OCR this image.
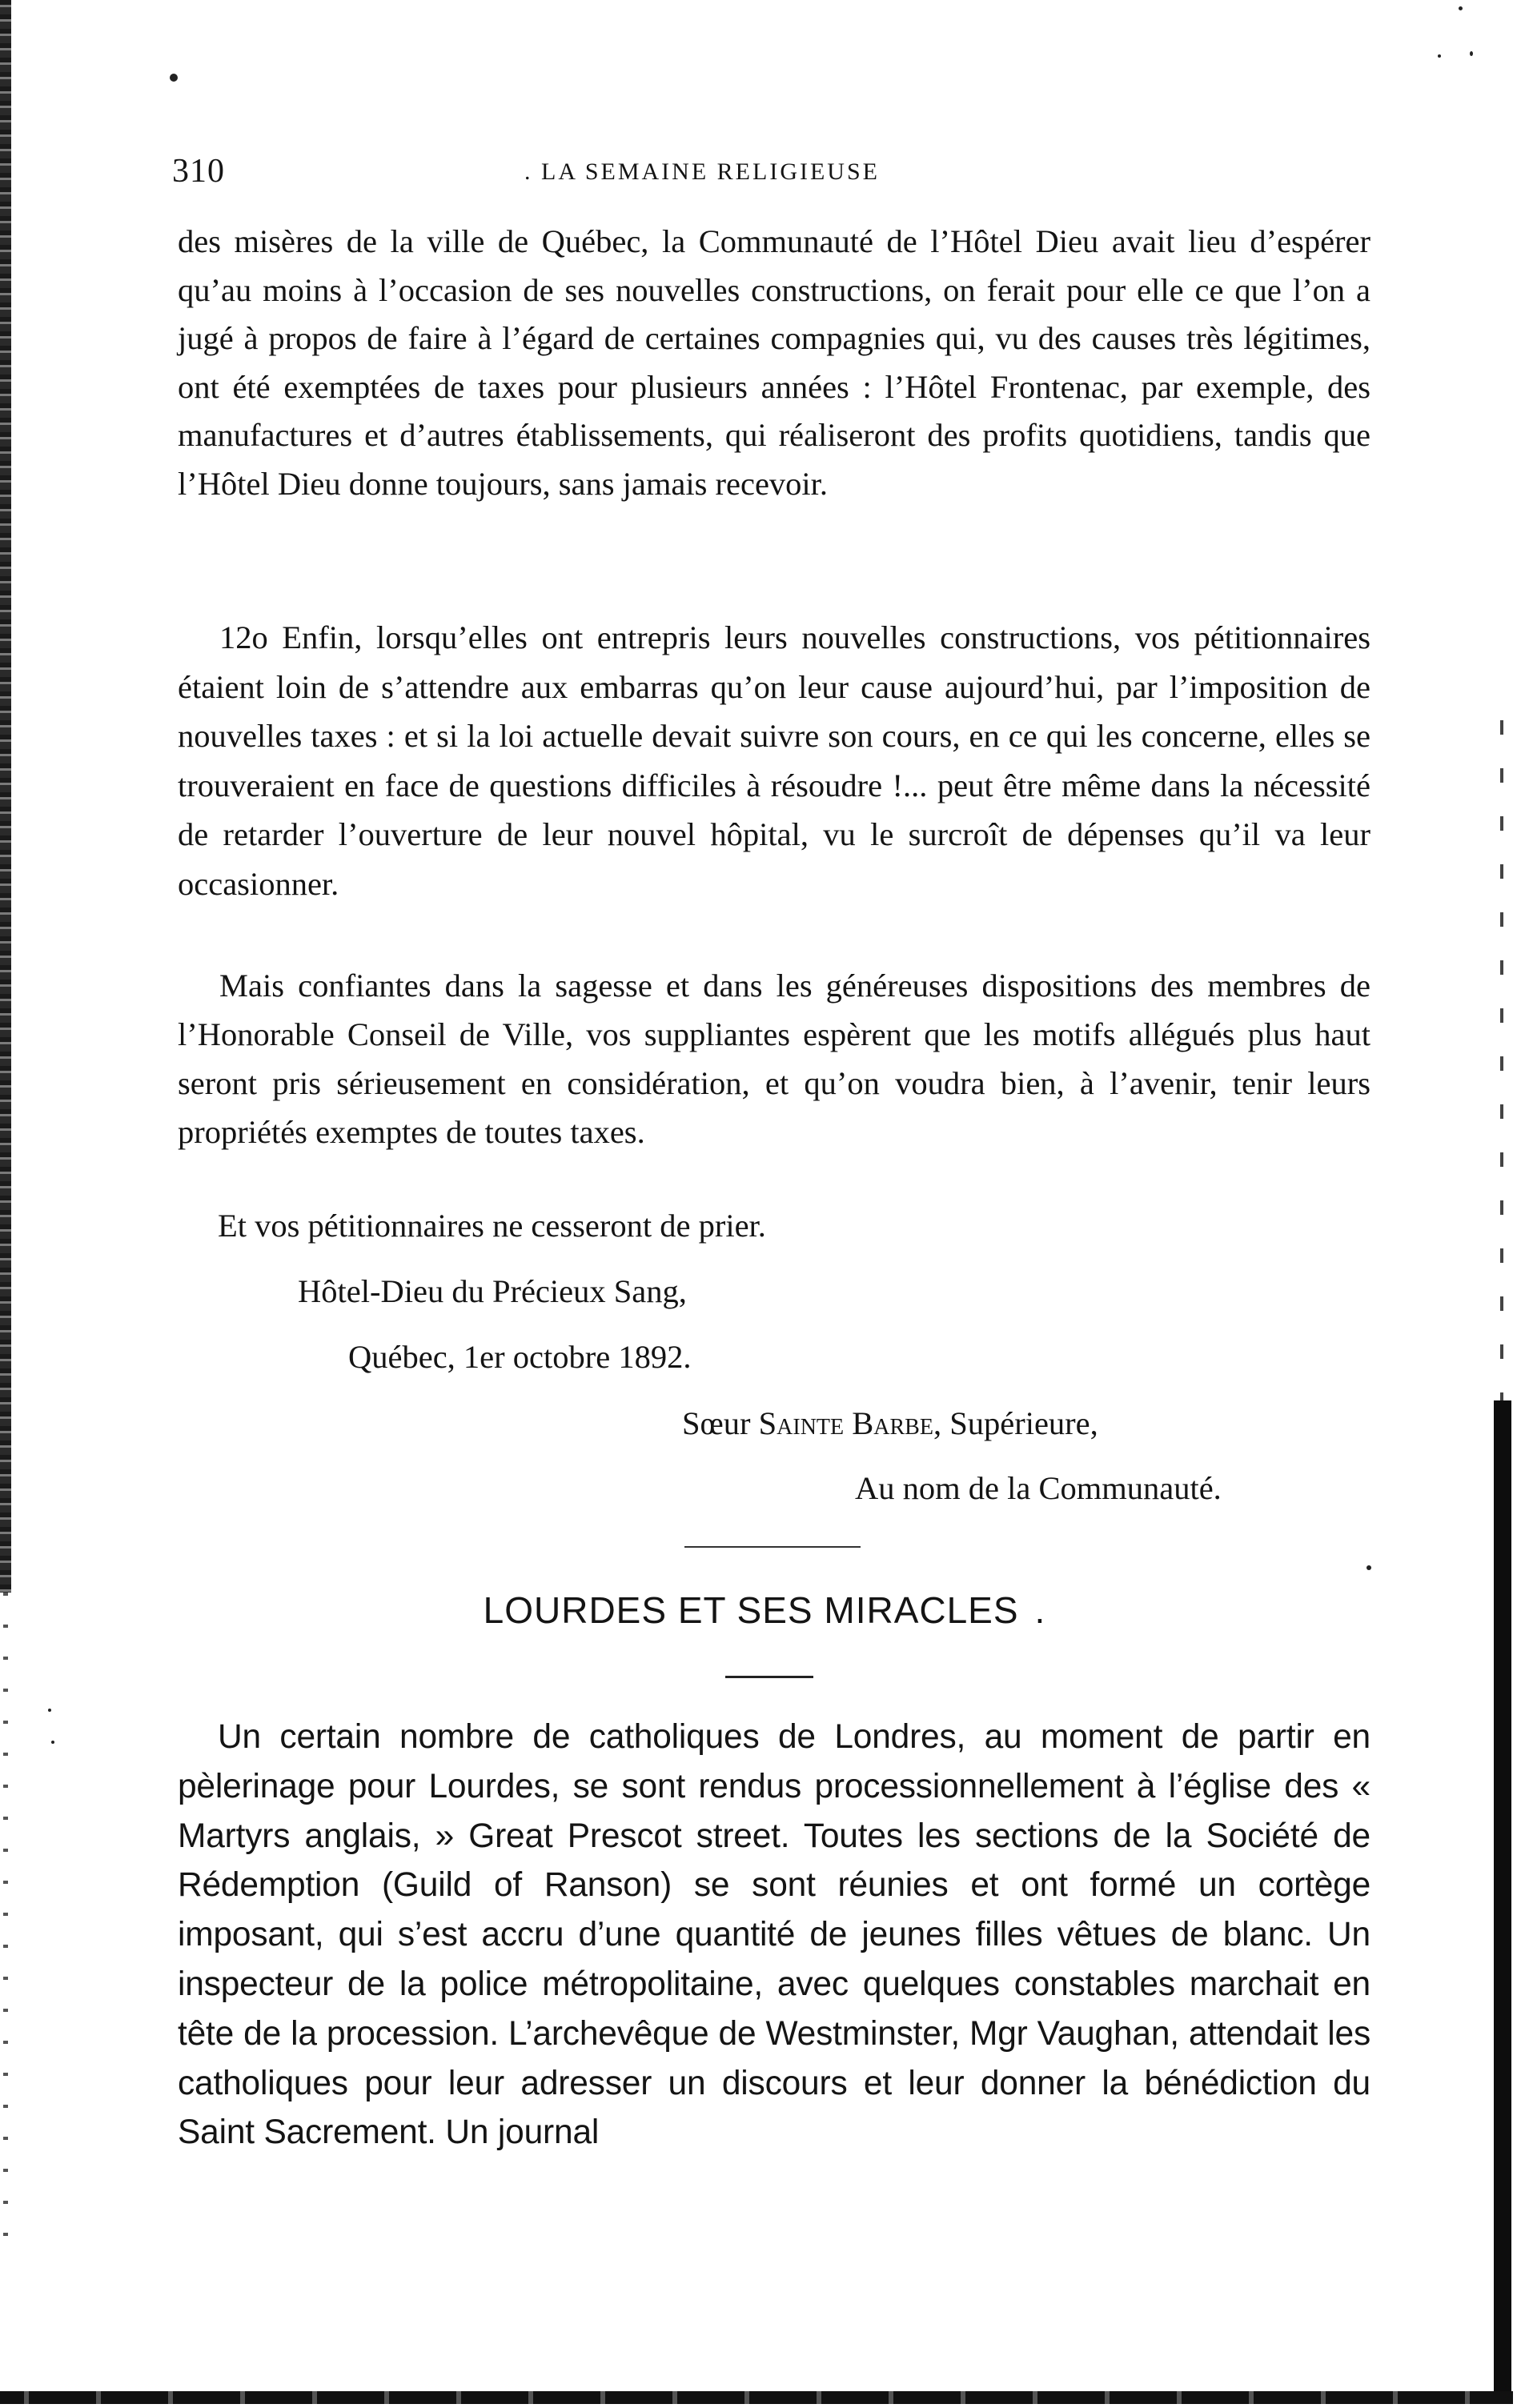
310	. LA SEMAINE RELIGIEUSE

des misères de la ville de Québec, la Communauté de l’Hôtel Dieu avait lieu d’espérer qu’au moins à l’occasion de ses nouvelles constructions, on ferait pour elle ce que l’on a jugé à propos de faire à l’égard de certaines compagnies qui, vu des causes très légitimes, ont été exemptées de taxes pour plusieurs années : l’Hôtel Frontenac, par exemple, des manufactures et d’autres établissements, qui réaliseront des profits quotidiens, tandis que l’Hôtel Dieu donne toujours, sans jamais recevoir.

12o Enfin, lorsqu’elles ont entrepris leurs nouvelles constructions, vos pétitionnaires étaient loin de s’attendre aux embarras qu’on leur cause aujourd’hui, par l’imposition de nouvelles taxes : et si la loi actuelle devait suivre son cours, en ce qui les concerne, elles se trouveraient en face de questions difficiles à résoudre !... peut être même dans la nécessité de retarder l’ouverture de leur nouvel hôpital, vu le surcroît de dépenses qu’il va leur occasionner.

Mais confiantes dans la sagesse et dans les généreuses dispositions des membres de l’Honorable Conseil de Ville, vos suppliantes espèrent que les motifs allégués plus haut seront pris sérieusement en considération, et qu’on voudra bien, à l’avenir, tenir leurs propriétés exemptes de toutes taxes.

Et vos pétitionnaires ne cesseront de prier.
Hôtel-Dieu du Précieux Sang,
Québec, 1er octobre 1892.
Sœur Sainte Barbe, Supérieure,
Au nom de la Communauté.
LOURDES ET SES MIRACLES .

Un certain nombre de catholiques de Londres, au moment de partir en pèlerinage pour Lourdes, se sont rendus processionnellement à l’église des « Martyrs anglais, » Great Prescot street. Toutes les sections de la Société de Rédemption (Guild of Ranson) se sont réunies et ont formé un cortège imposant, qui s’est accru d’une quantité de jeunes filles vêtues de blanc. Un inspecteur de la police métropolitaine, avec quelques constables marchait en tête de la procession. L’archevêque de Westminster, Mgr Vaughan, attendait les catholiques pour leur adresser un discours et leur donner la bénédiction du Saint Sacrement. Un journal
